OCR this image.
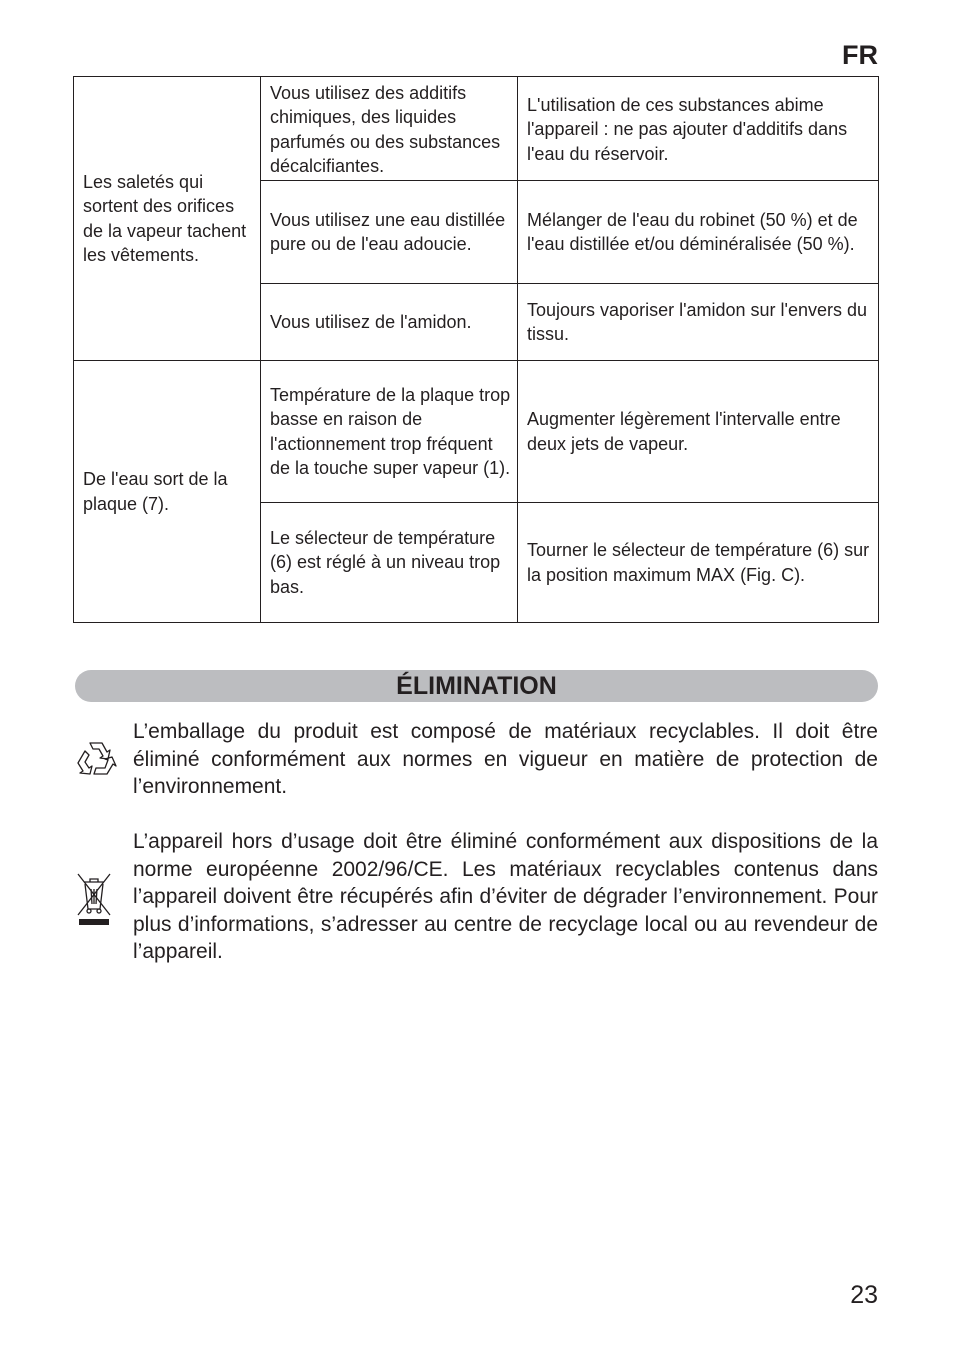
FR
Les saletés qui sortent des orifices de la vapeur tachent les vêtements.	Vous utilisez des additifs chimiques, des liquides parfumés ou des substances décalcifiantes.	L'utilisation de ces substances abime l'appareil : ne pas ajouter d'additifs dans l'eau du réservoir.
	Vous utilisez une eau distillée pure ou de l'eau adoucie.	Mélanger de l'eau du robinet (50 %) et de l'eau distillée et/ou déminéralisée (50 %).
	Vous utilisez de l'amidon.	Toujours vaporiser l'amidon sur l'envers du tissu.
De l'eau sort de la plaque (7).	Température de la plaque trop basse en raison de l'actionnement trop fréquent de la touche super vapeur (1).	Augmenter légèrement l'intervalle entre deux jets de vapeur.
	Le sélecteur de température (6) est réglé à un niveau trop bas.	Tourner le sélecteur de température (6) sur la position maximum MAX (Fig. C).
ÉLIMINATION
L’emballage du produit est composé de matériaux recyclables. Il doit être éliminé conformément aux normes en vigueur en matière de protection de l’environnement.
L’appareil hors d’usage doit être éliminé conformément aux dispositions de la norme européenne 2002/96/CE. Les matériaux recyclables contenus dans l’appareil doivent être récupérés afin d’éviter de dégrader l’environnement. Pour plus d’informations, s’adresser au centre de recyclage local ou au revendeur de l’appareil.
23
